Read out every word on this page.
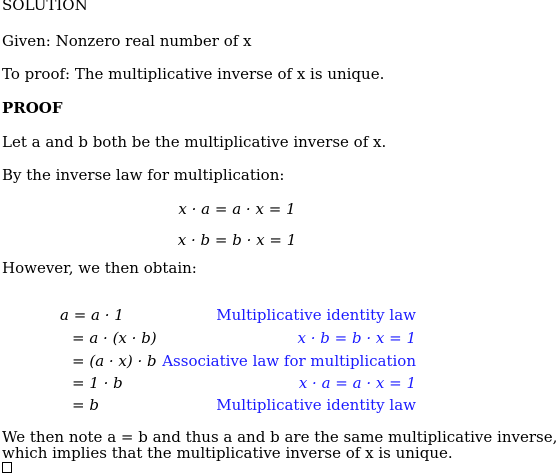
SOLUTION
Given: Nonzero real number of x
To proof: The multiplicative inverse of x is unique.
PROOF
Let a and b both be the multiplicative inverse of x.
By the inverse law for multiplication:
x · a = a · x = 1
x · b = b · x = 1
However, we then obtain:
a = a · 1	Multiplicative identity law
= a · (x · b)	x · b = b · x = 1
= (a · x) · b Associative law for multiplication
= 1 · b	x · a = a · x = 1
= b	Multiplicative identity law
We then note a = b and thus a and b are the same multiplicative inverse,
which implies that the multiplicative inverse of x is unique.
